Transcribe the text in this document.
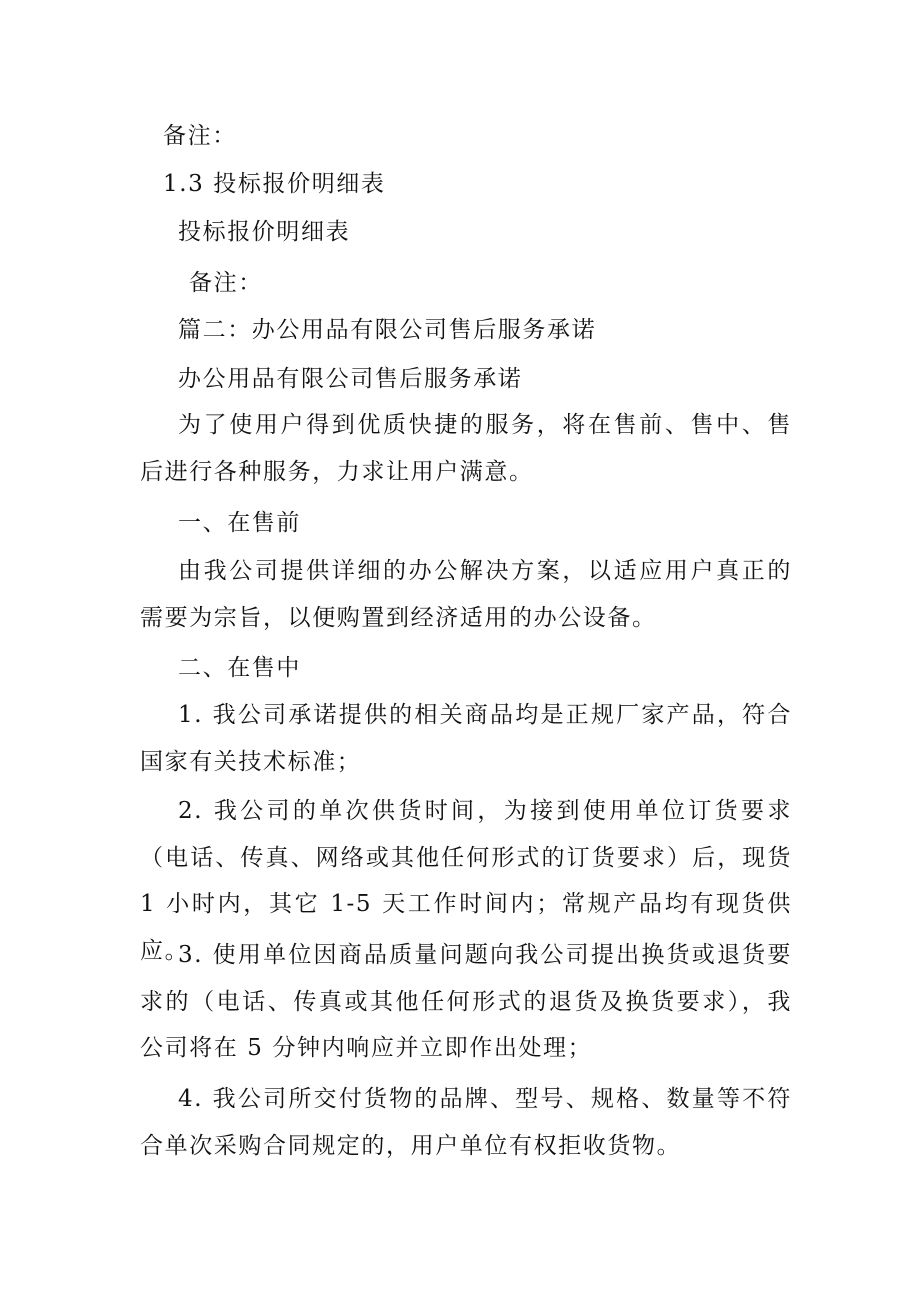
备注：
1.3 投标报价明细表
投标报价明细表
备注：
篇二：办公用品有限公司售后服务承诺
办公用品有限公司售后服务承诺
为了使用户得到优质快捷的服务，将在售前、售中、售后进行各种服务，力求让用户满意。
一、在售前
由我公司提供详细的办公解决方案，以适应用户真正的需要为宗旨，以便购置到经济适用的办公设备。
二、在售中
1. 我公司承诺提供的相关商品均是正规厂家产品，符合国家有关技术标准；
2. 我公司的单次供货时间，为接到使用单位订货要求（电话、传真、网络或其他任何形式的订货要求）后，现货 1 小时内，其它 1-5 天工作时间内；常规产品均有现货供应。
3. 使用单位因商品质量问题向我公司提出换货或退货要求的（电话、传真或其他任何形式的退货及换货要求），我公司将在 5 分钟内响应并立即作出处理；
4. 我公司所交付货物的品牌、型号、规格、数量等不符合单次采购合同规定的，用户单位有权拒收货物。
